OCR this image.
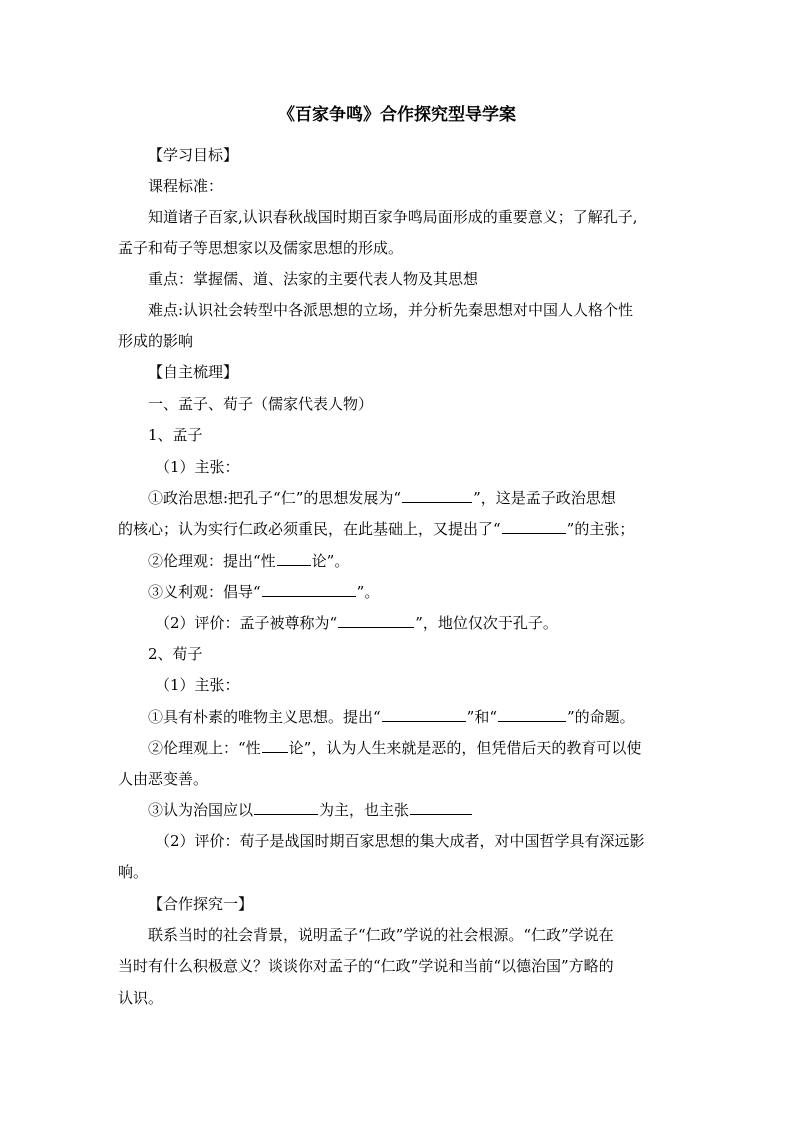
《百家争鸣》合作探究型导学案
【学习目标】
课程标准：
知道诸子百家,认识春秋战国时期百家争鸣局面形成的重要意义；了解孔子,
孟子和荀子等思想家以及儒家思想的形成。
重点：掌握儒、道、法家的主要代表人物及其思想
难点:认识社会转型中各派思想的立场，并分析先秦思想对中国人人格个性
形成的影响
【自主梳理】
一、孟子、荀子（儒家代表人物）
1、孟子
（1）主张：
①政治思想:把孔子“仁”的思想发展为“	”，这是孟子政治思想
的核心；认为实行仁政必须重民，在此基础上，又提出了“	”的主张；
②伦理观：提出“性 论”。
③义利观：倡导“	”。
（2）评价：孟子被尊称为“	”，地位仅次于孔子。
2、荀子
（1）主张：
①具有朴素的唯物主义思想。提出“	”和“	”的命题。
②伦理观上：“性 论”，认为人生来就是恶的，但凭借后天的教育可以使
人由恶变善。
③认为治国应以	为主，也主张
（2）评价：荀子是战国时期百家思想的集大成者，对中国哲学具有深远影
响。
【合作探究一】
联系当时的社会背景，说明孟子“仁政”学说的社会根源。“仁政”学说在
当时有什么积极意义？谈谈你对孟子的“仁政”学说和当前“以德治国”方略的
认识。
